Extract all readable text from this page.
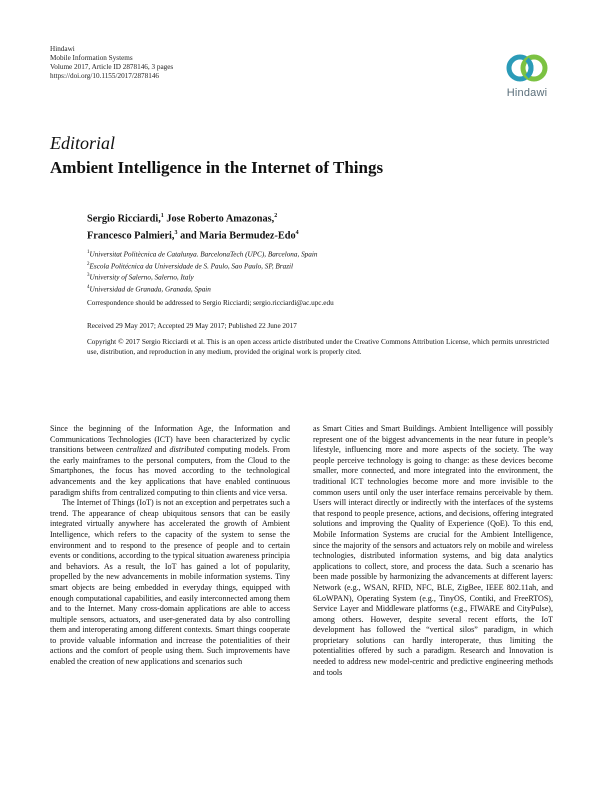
Hindawi
Mobile Information Systems
Volume 2017, Article ID 2878146, 3 pages
https://doi.org/10.1155/2017/2878146
Hindawi
Editorial
Ambient Intelligence in the Internet of Things
Sergio Ricciardi,$^1$ Jose Roberto Amazonas,$^2$
Francesco Palmieri,$^3$ and Maria Bermudez-Edo$^4$
$^1$Universitat Politècnica de Catalunya. BarcelonaTech (UPC), Barcelona, Spain
$^2$Escola Politécnica da Universidade de S. Paulo, Sao Paulo, SP, Brazil
$^3$University of Salerno, Salerno, Italy
$^4$Universidad de Granada, Granada, Spain
Correspondence should be addressed to Sergio Ricciardi; sergio.ricciardi@ac.upc.edu
Received 29 May 2017; Accepted 29 May 2017; Published 22 June 2017
Copyright © 2017 Sergio Ricciardi et al. This is an open access article distributed under the Creative Commons Attribution License, which permits unrestricted use, distribution, and reproduction in any medium, provided the original work is properly cited.

Since the beginning of the Information Age, the Information and Communications Technologies (ICT) have been characterized by cyclic transitions between centralized and distributed computing models. From the early mainframes to the personal computers, from the Cloud to the Smartphones, the focus has moved according to the technological advancements and the key applications that have enabled continuous paradigm shifts from centralized computing to thin clients and vice versa.

The Internet of Things (IoT) is not an exception and perpetrates such a trend. The appearance of cheap ubiquitous sensors that can be easily integrated virtually anywhere has accelerated the growth of Ambient Intelligence, which refers to the capacity of the system to sense the environment and to respond to the presence of people and to certain events or conditions, according to the typical situation awareness principia and behaviors. As a result, the IoT has gained a lot of popularity, propelled by the new advancements in mobile information systems. Tiny smart objects are being embedded in everyday things, equipped with enough computational capabilities, and easily interconnected among them and to the Internet. Many cross-domain applications are able to access multiple sensors, actuators, and user-generated data by also controlling them and interoperating among different contexts. Smart things cooperate to provide valuable information and increase the potentialities of their actions and the comfort of people using them. Such improvements have enabled the creation of new applications and scenarios such

as Smart Cities and Smart Buildings. Ambient Intelligence will possibly represent one of the biggest advancements in the near future in people’s lifestyle, influencing more and more aspects of the society. The way people perceive technology is going to change: as these devices become smaller, more connected, and more integrated into the environment, the traditional ICT technologies become more and more invisible to the common users until only the user interface remains perceivable by them. Users will interact directly or indirectly with the interfaces of the systems that respond to people presence, actions, and decisions, offering integrated solutions and improving the Quality of Experience (QoE). To this end, Mobile Information Systems are crucial for the Ambient Intelligence, since the majority of the sensors and actuators rely on mobile and wireless technologies, distributed information systems, and big data analytics applications to collect, store, and process the data. Such a scenario has been made possible by harmonizing the advancements at different layers: Network (e.g., WSAN, RFID, NFC, BLE, ZigBee, IEEE 802.11ah, and 6LoWPAN), Operating System (e.g., TinyOS, Contiki, and FreeRTOS), Service Layer and Middleware platforms (e.g., FIWARE and CityPulse), among others. However, despite several recent efforts, the IoT development has followed the “vertical silos” paradigm, in which proprietary solutions can hardly interoperate, thus limiting the potentialities offered by such a paradigm. Research and Innovation is needed to address new model-centric and predictive engineering methods and tools
